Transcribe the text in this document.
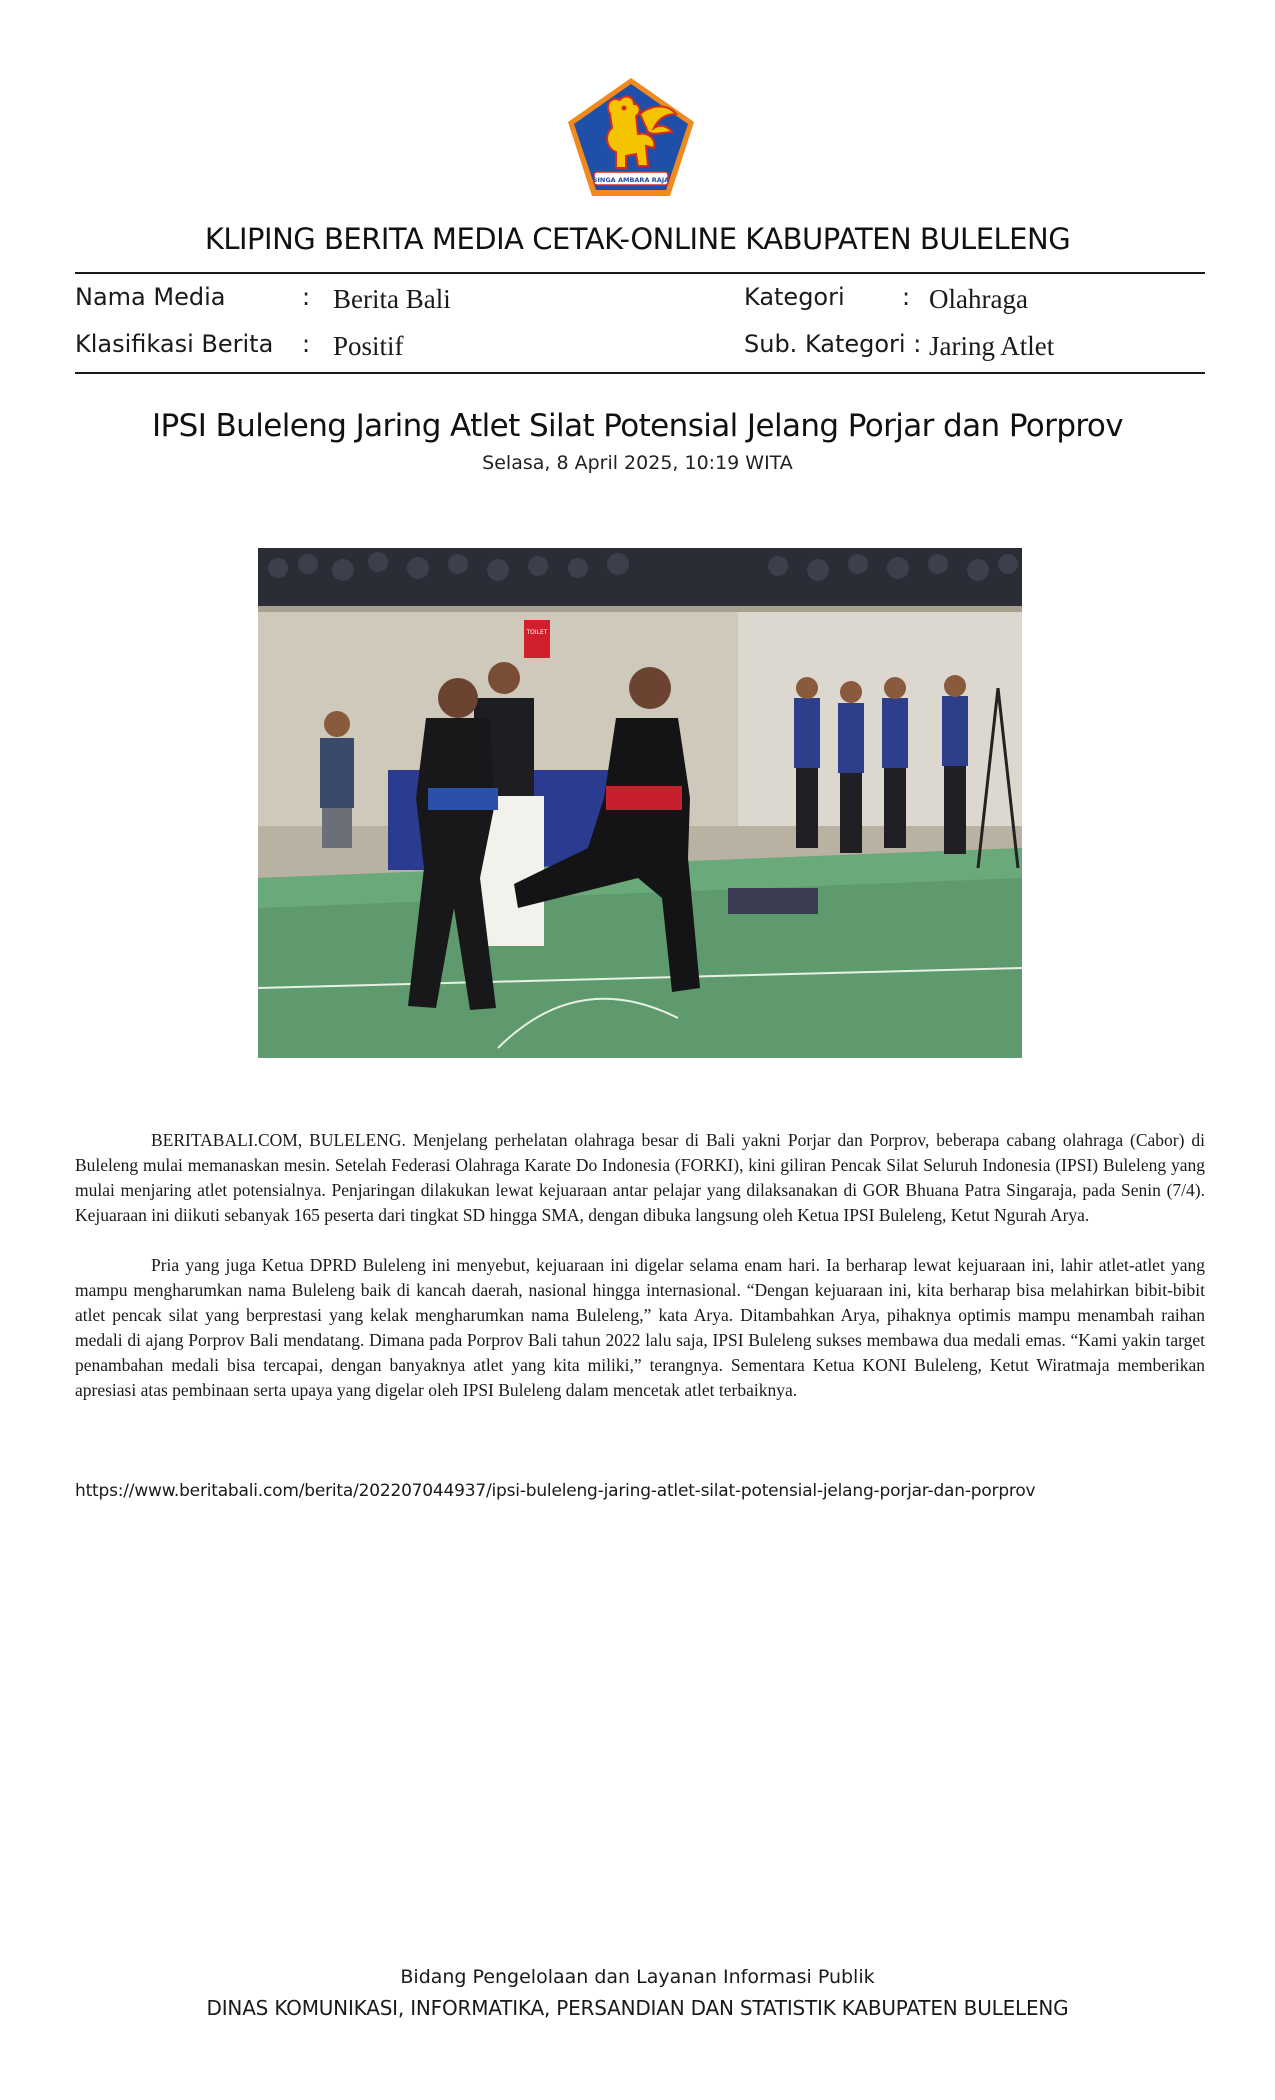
SINGA AMBARA RAJA
KLIPING BERITA MEDIA CETAK-ONLINE KABUPATEN BULELENG
Nama Media	: Berita Bali
Klasifikasi Berita : Positif
Kategori : Olahraga
Sub. Kategori : Jaring Atlet
IPSI Buleleng Jaring Atlet Silat Potensial Jelang Porjar dan Porprov
Selasa, 8 April 2025, 10:19 WITA
TOILET

BERITABALI.COM, BULELENG. Menjelang perhelatan olahraga besar di Bali yakni Porjar dan Porprov, beberapa cabang olahraga (Cabor) di Buleleng mulai memanaskan mesin. Setelah Federasi Olahraga Karate Do Indonesia (FORKI), kini giliran Pencak Silat Seluruh Indonesia (IPSI) Buleleng yang mulai menjaring atlet potensialnya. Penjaringan dilakukan lewat kejuaraan antar pelajar yang dilaksanakan di GOR Bhuana Patra Singaraja, pada Senin (7/4). Kejuaraan ini diikuti sebanyak 165 peserta dari tingkat SD hingga SMA, dengan dibuka langsung oleh Ketua IPSI Buleleng, Ketut Ngurah Arya.

Pria yang juga Ketua DPRD Buleleng ini menyebut, kejuaraan ini digelar selama enam hari. Ia berharap lewat kejuaraan ini, lahir atlet-atlet yang mampu mengharumkan nama Buleleng baik di kancah daerah, nasional hingga internasional. “Dengan kejuaraan ini, kita berharap bisa melahirkan bibit-bibit atlet pencak silat yang berprestasi yang kelak mengharumkan nama Buleleng,” kata Arya. Ditambahkan Arya, pihaknya optimis mampu menambah raihan medali di ajang Porprov Bali mendatang. Dimana pada Porprov Bali tahun 2022 lalu saja, IPSI Buleleng sukses membawa dua medali emas. “Kami yakin target penambahan medali bisa tercapai, dengan banyaknya atlet yang kita miliki,” terangnya. Sementara Ketua KONI Buleleng, Ketut Wiratmaja memberikan apresiasi atas pembinaan serta upaya yang digelar oleh IPSI Buleleng dalam mencetak atlet terbaiknya.

https://www.beritabali.com/berita/202207044937/ipsi-buleleng-jaring-atlet-silat-potensial-jelang-porjar-dan-porprov
Bidang Pengelolaan dan Layanan Informasi Publik
DINAS KOMUNIKASI, INFORMATIKA, PERSANDIAN DAN STATISTIK KABUPATEN BULELENG
